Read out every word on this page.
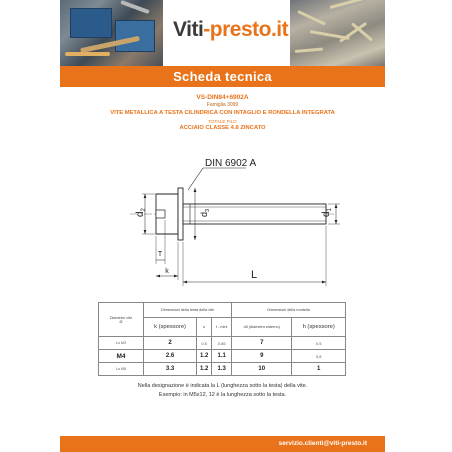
Viti-presto.it
Scheda tecnica
VS-DIN84+6902A
Famiglia 3099
VITE METALLICA A TESTA CILINDRICA CON INTAGLIO E RONDELLA INTEGRATA
TOTALE FILO
ACCIAIO CLASSE 4.8 ZINCATO
DIN 6902 A
$d_2$
$d_3$
$d_1$
T
k	L
Diametro vite
Ø	Dimensioni della testa della vite			Dimensioni della rondella	
	k (spessore)	s	t - mini	d3 (diametro esterno)	h (spessore)
Lo M3	2	0.5	0.85	7	0.5
M4	2.6	1.2	1.1	9	0,8
Lo M5	3.3	1.2	1.3	10	1
Nella designazione è indicata la L (lunghezza sotto la testa) della vite.
Esempio: in M5x12, 12 è la lunghezza sotto la testa.
servizio.clienti@viti-presto.it
